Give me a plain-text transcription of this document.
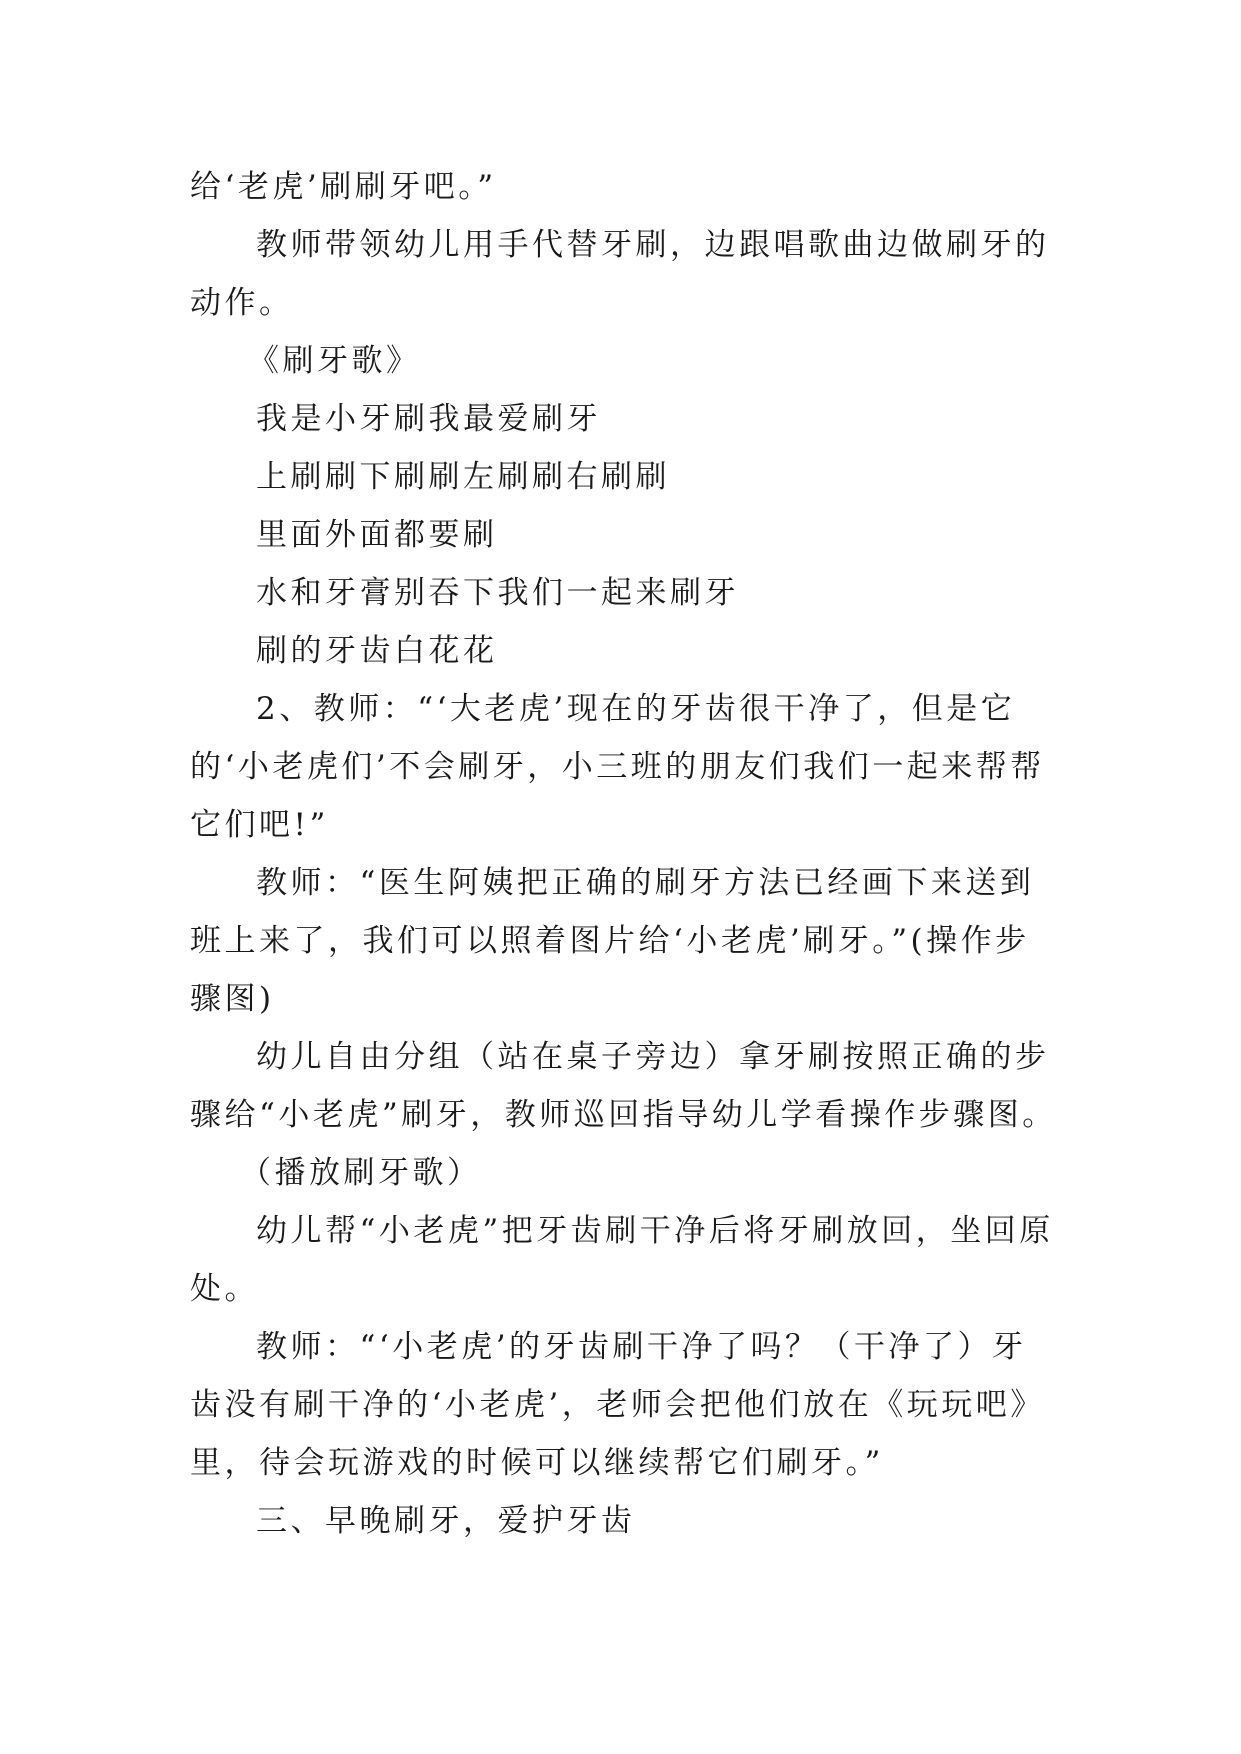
给‘老虎’刷刷牙吧。”

教师带领幼儿用手代替牙刷，边跟唱歌曲边做刷牙的动作。

《刷牙歌》

我是小牙刷我最爱刷牙

上刷刷下刷刷左刷刷右刷刷

里面外面都要刷

水和牙膏别吞下我们一起来刷牙

刷的牙齿白花花

2、教师：“‘大老虎’现在的牙齿很干净了，但是它的‘小老虎们’不会刷牙，小三班的朋友们我们一起来帮帮它们吧!”

教师：“医生阿姨把正确的刷牙方法已经画下来送到班上来了，我们可以照着图片给‘小老虎’刷牙。”(操作步骤图)

幼儿自由分组（站在桌子旁边）拿牙刷按照正确的步骤给“小老虎”刷牙，教师巡回指导幼儿学看操作步骤图。

（播放刷牙歌）

幼儿帮“小老虎”把牙齿刷干净后将牙刷放回，坐回原处。

教师：“‘小老虎’的牙齿刷干净了吗？（干净了）牙齿没有刷干净的‘小老虎’，老师会把他们放在《玩玩吧》里，待会玩游戏的时候可以继续帮它们刷牙。”

三、早晚刷牙，爱护牙齿
